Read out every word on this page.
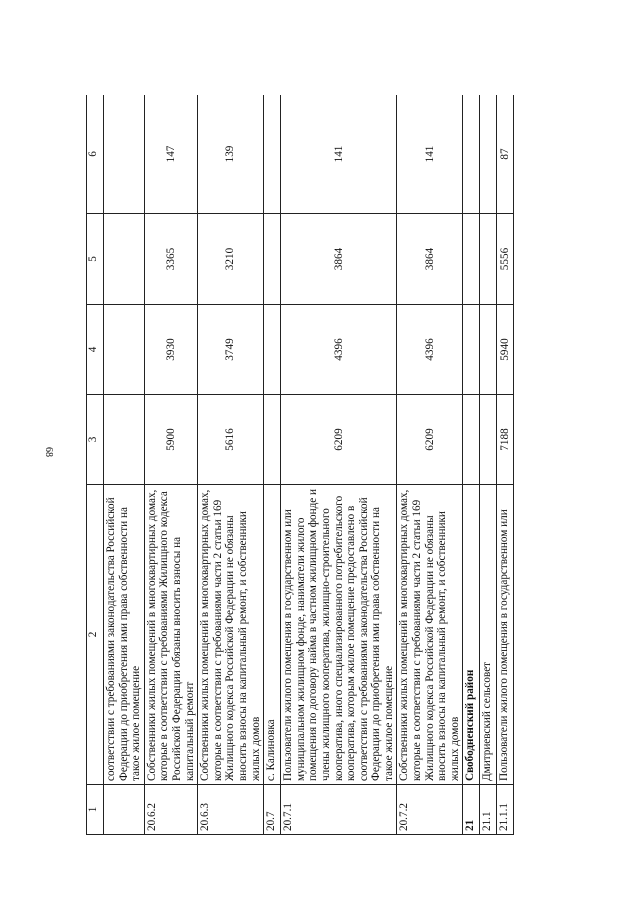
68
1	2	3	4	5	6
	соответствии с требованиями законодательства Российской Федерации до приобретения ими права собственности на такое жилое помещение				
20.6.2	Собственники жилых помещений в многоквартирных домах, которые в соответствии с требованиями Жилищного кодекса Российской Федерации обязаны вносить взносы на капитальный ремонт	5900	3930	3365	147
20.6.3	Собственники жилых помещений в многоквартирных домах, которые в соответствии с требованиями части 2 статьи 169 Жилищного кодекса Российской Федерации не обязаны вносить взносы на капитальный ремонт, и собственники жилых домов	5616	3749	3210	139
20.7	с. Калиновка				
20.7.1	Пользователи жилого помещения в государственном или муниципальном жилищном фонде, наниматели жилого помещения по договору найма в частном жилищном фонде и члены жилищного кооператива, жилищно-строительного кооператива, иного специализированного потребительского кооператива, которым жилое помещение предоставлено в соответствии с требованиями законодательства Российской Федерации до приобретения ими права собственности на такое жилое помещение	6209	4396	3864	141
20.7.2	Собственники жилых помещений в многоквартирных домах, которые в соответствии с требованиями части 2 статьи 169 Жилищного кодекса Российской Федерации не обязаны вносить взносы на капитальный ремонт, и собственники жилых домов	6209	4396	3864	141
21	Свободненский район				
21.1	Дмитриевский сельсовет				
21.1.1	Пользователи жилого помещения в государственном или	7188	5940	5556	87
